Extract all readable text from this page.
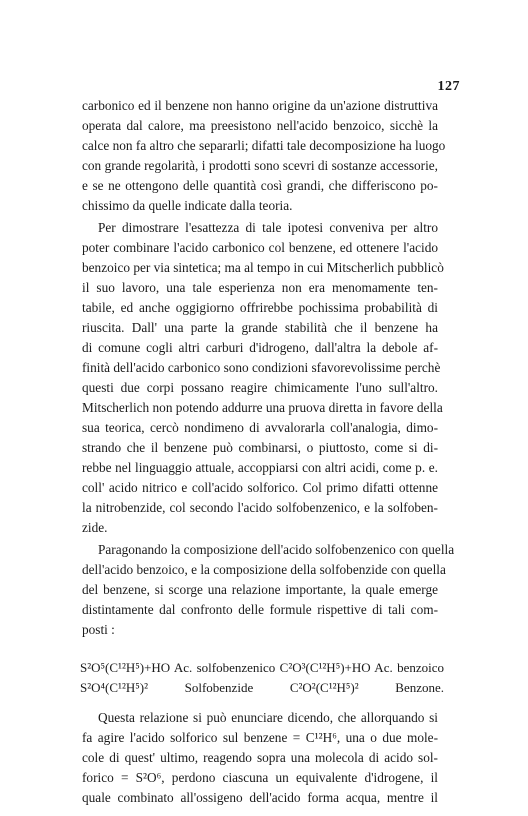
127
carbonico ed il benzene non hanno origine da un'azione distruttiva
operata dal calore, ma preesistono nell'acido benzoico, sicchè la
calce non fa altro che separarli; difatti tale decomposizione ha luogo
con grande regolarità, i prodotti sono scevri di sostanze accessorie,
e se ne ottengono delle quantità così grandi, che differiscono po-
chissimo da quelle indicate dalla teoria.
Per dimostrare l'esattezza di tale ipotesi conveniva per altro
poter combinare l'acido carbonico col benzene, ed ottenere l'acido
benzoico per via sintetica; ma al tempo in cui Mitscherlich pubblicò
il suo lavoro, una tale esperienza non era menomamente ten-
tabile, ed anche oggigiorno offrirebbe pochissima probabilità di
riuscita. Dall' una parte la grande stabilità che il benzene ha
di comune cogli altri carburi d'idrogeno, dall'altra la debole af-
finità dell'acido carbonico sono condizioni sfavorevolissime perchè
questi due corpi possano reagire chimicamente l'uno sull'altro.
Mitscherlich non potendo addurre una pruova diretta in favore della
sua teorica, cercò nondimeno di avvalorarla coll'analogia, dimo-
strando che il benzene può combinarsi, o piuttosto, come si di-
rebbe nel linguaggio attuale, accoppiarsi con altri acidi, come p. e.
coll' acido nitrico e coll'acido solforico. Col primo difatti ottenne
la nitrobenzide, col secondo l'acido solfobenzenico, e la solfoben-
zide.
Paragonando la composizione dell'acido solfobenzenico con quella
dell'acido benzoico, e la composizione della solfobenzide con quella
del benzene, si scorge una relazione importante, la quale emerge
distintamente dal confronto delle formule rispettive di tali com-
posti :
S²O⁵(C¹²H⁵)+HO Ac. solfobenzenico C²O³(C¹²H⁵)+HO Ac. benzoico
S²O⁴(C¹²H⁵)² Solfobenzide C²O²(C¹²H⁵)² Benzone.
Questa relazione si può enunciare dicendo, che allorquando si
fa agire l'acido solforico sul benzene = C¹²H⁶, una o due mole-
cole di quest' ultimo, reagendo sopra una molecola di acido sol-
forico = S²O⁶, perdono ciascuna un equivalente d'idrogene, il
quale combinato all'ossigeno dell'acido forma acqua, mentre il
